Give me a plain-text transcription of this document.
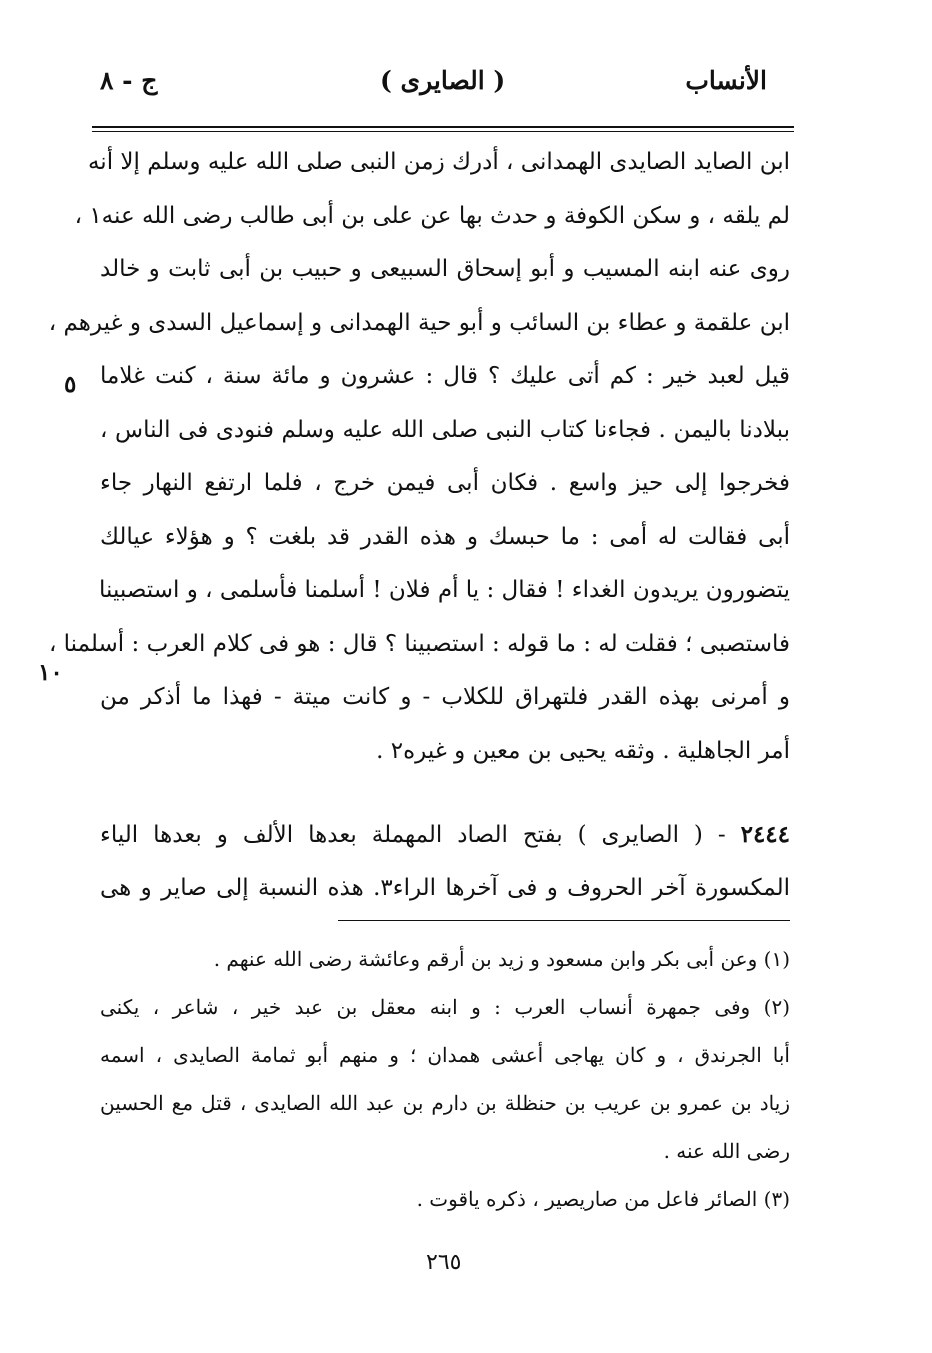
الأنساب
( الصايرى )
ج - ٨
ابن الصايد الصايدى الهمدانى ، أدرك زمن النبى صلى الله عليه وسلم إلا أنه
لم يلقه ، و سكن الكوفة و حدث بها عن على بن أبى طالب رضى الله عنه١ ،
روى عنه ابنه المسيب و أبو إسحاق السبيعى و حبيب بن أبى ثابت و خالد
ابن علقمة و عطاء بن السائب و أبو حية الهمدانى و إسماعيل السدى و غيرهم ،
قيل لعبد خير : كم أتى عليك ؟ قال : عشرون و مائة سنة ، كنت غلاما
ببلادنا باليمن . فجاءنا كتاب النبى صلى الله عليه وسلم فنودى فى الناس ،
فخرجوا إلى حيز واسع . فكان أبى فيمن خرج ، فلما ارتفع النهار جاء
أبى فقالت له أمى : ما حبسك و هذه القدر قد بلغت ؟ و هؤلاء عيالك
يتضورون يريدون الغداء ! فقال : يا أم فلان ! أسلمنا فأسلمى ، و استصبينا
فاستصبى ؛ فقلت له : ما قوله : استصبينا ؟ قال : هو فى كلام العرب : أسلمنا ،
و أمرنى بهذه القدر فلتهراق للكلاب - و كانت ميتة - فهذا ما أذكر من
أمر الجاهلية . وثقه يحيى بن معين و غيره٢ .
٥
١٠
٢٤٤٤ - ( الصايرى ) بفتح الصاد المهملة بعدها الألف و بعدها الياء
المكسورة آخر الحروف و فى آخرها الراء٣. هذه النسبة إلى صاير و هى
(١) وعن أبى بكر وابن مسعود و زيد بن أرقم وعائشة رضى الله عنهم .
(٢) وفى جمهرة أنساب العرب : و ابنه معقل بن عبد خير ، شاعر ، يكنى
أبا الجرندق ، و كان يهاجى أعشى همدان ؛ و منهم أبو ثمامة الصايدى ، اسمه
زياد بن عمرو بن عريب بن حنظلة بن دارم بن عبد الله الصايدى ، قتل مع الحسين
رضى الله عنه .
(٣) الصائر فاعل من صاريصير ، ذكره ياقوت .
٢٦٥
